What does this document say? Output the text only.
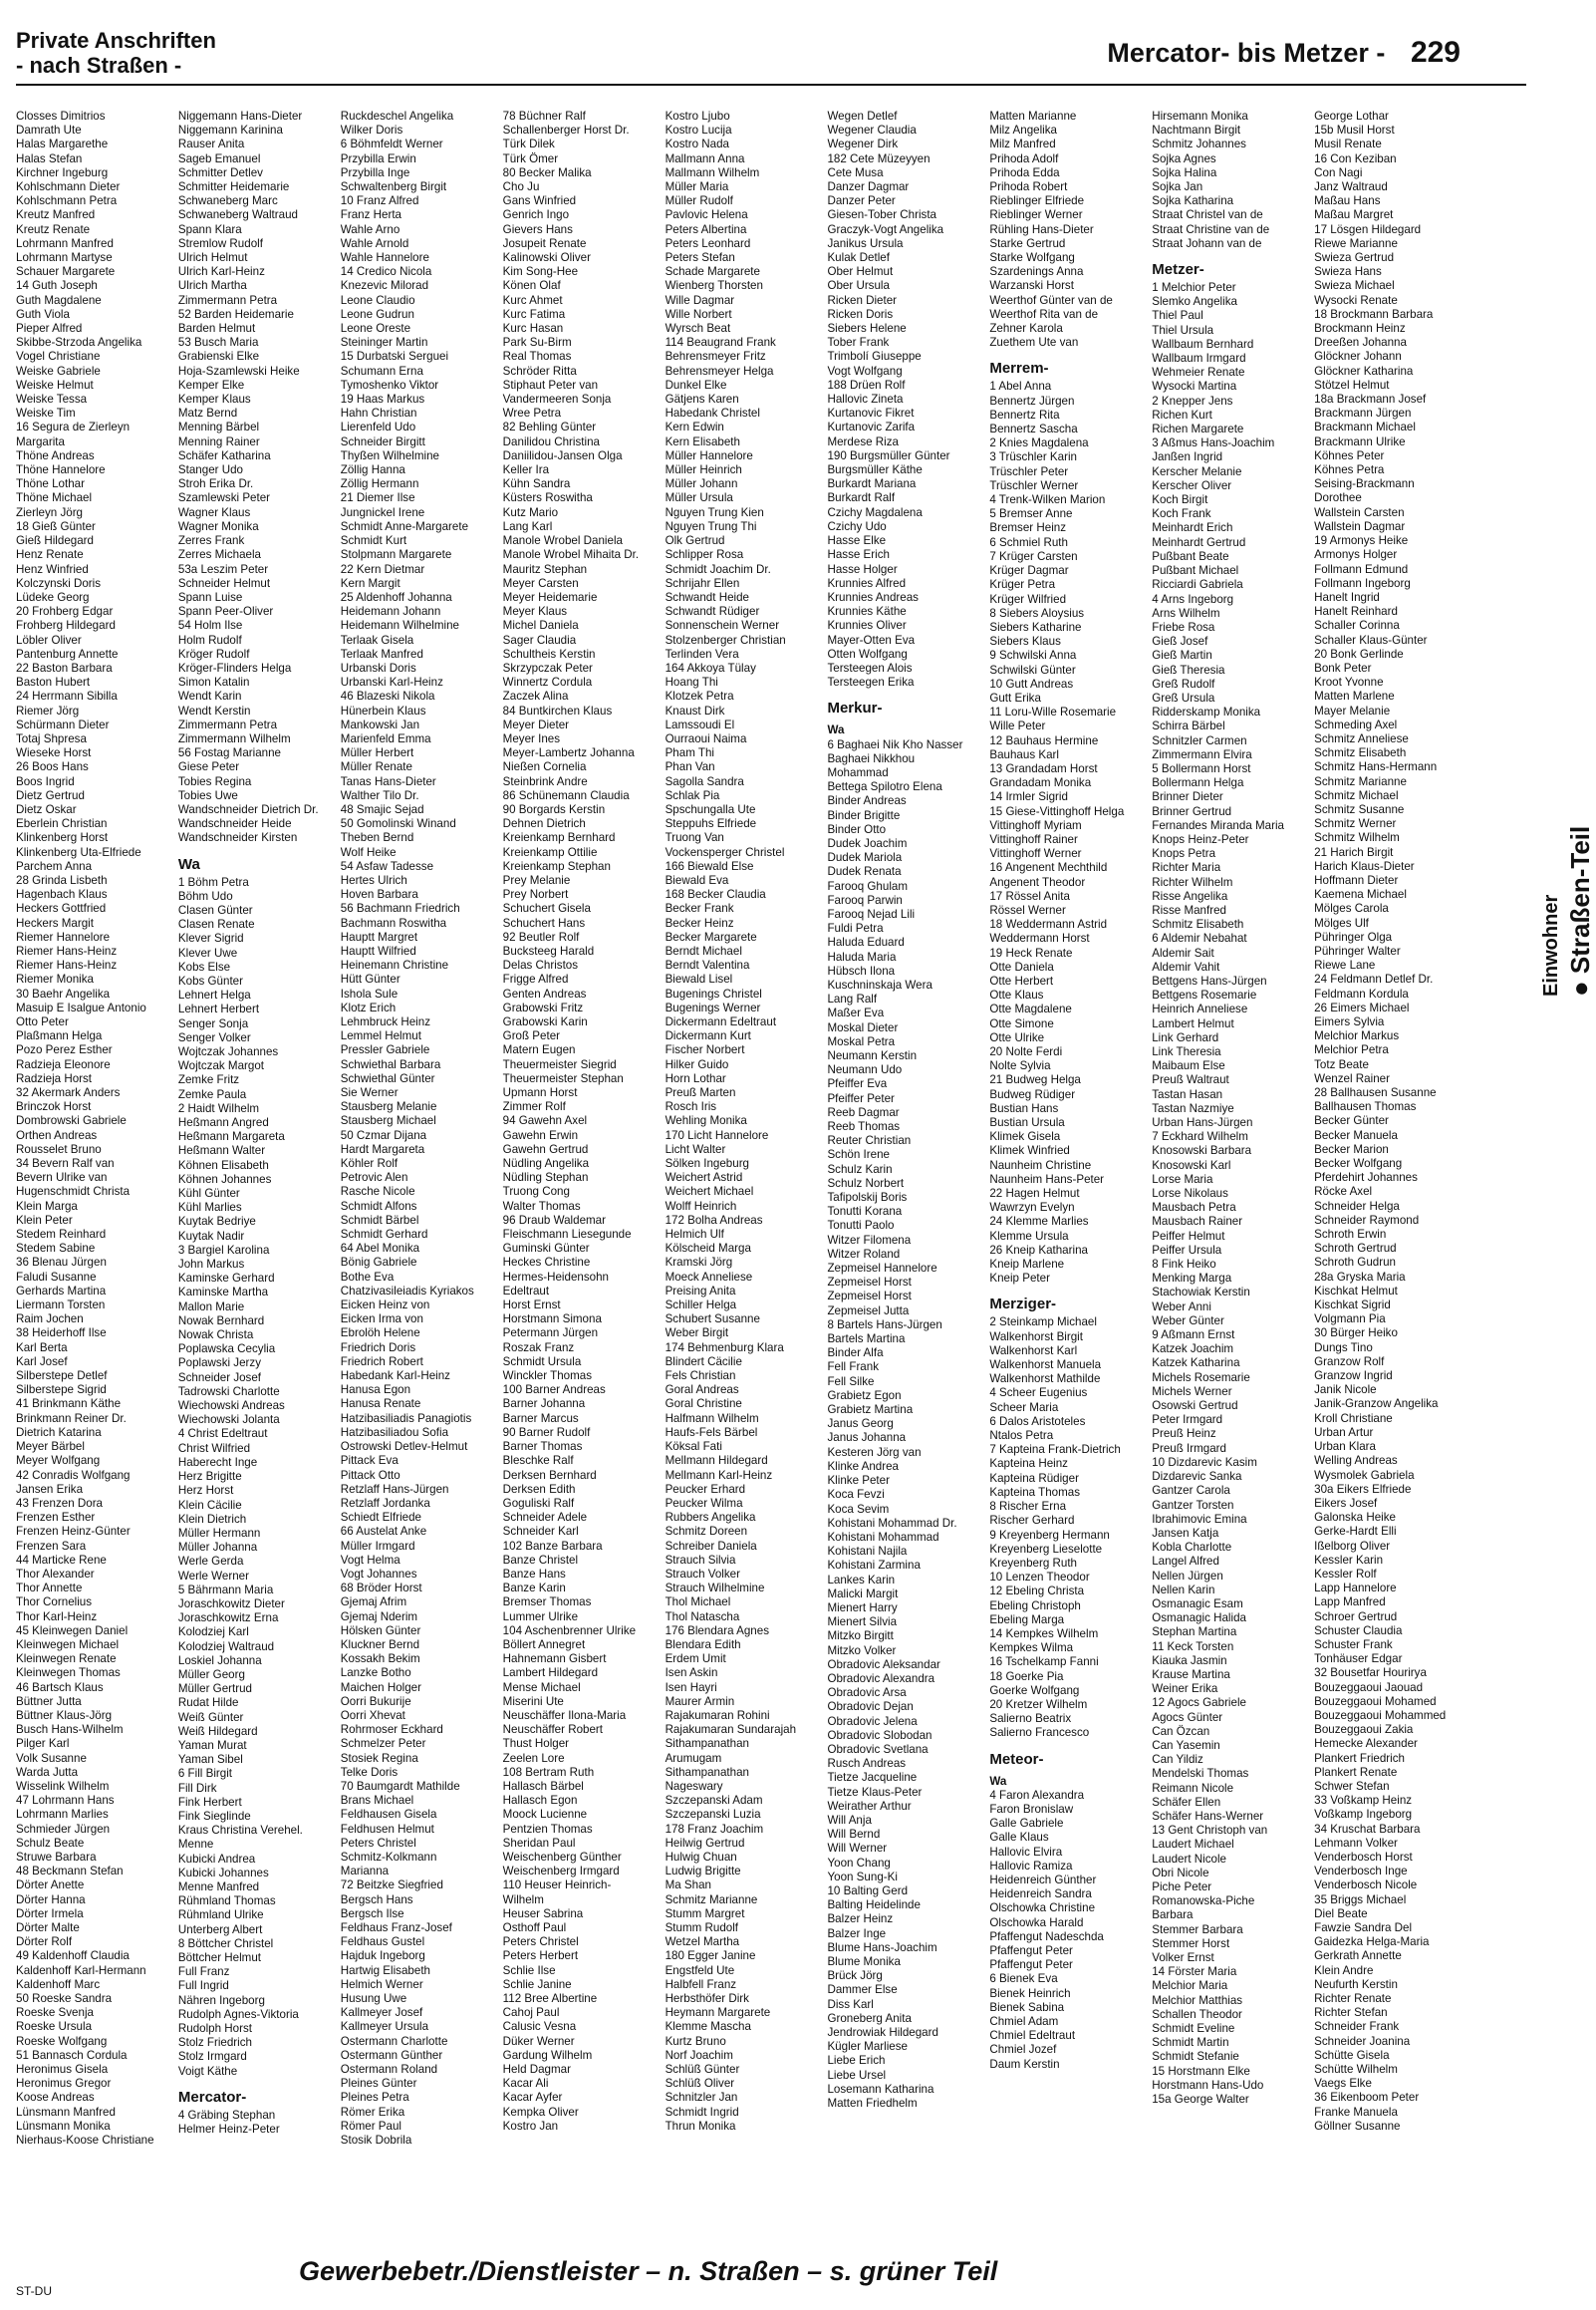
Private Anschriften
- nach Straßen -	Mercator- bis Metzer - 229
Closses Dimitrios
Damrath Ute
Halas Margarethe
Halas Stefan
Kirchner Ingeburg
Kohlschmann Dieter
Kohlschmann Petra
Kreutz Manfred
Kreutz Renate
Lohrmann Manfred
Lohrmann Martyse
Schauer Margarete
14 Guth Joseph
Guth Magdalene
Guth Viola
Pieper Alfred
Skibbe-Strzoda Angelika
Vogel Christiane
Weiske Gabriele
Weiske Helmut
Weiske Tessa
Weiske Tim
16 Segura de Zierleyn
Margarita
Thöne Andreas
Thöne Hannelore
Thöne Lothar
Thöne Michael
Zierleyn Jörg
18 Gieß Günter
Gieß Hildegard
Henz Renate
Henz Winfried
Kolczynski Doris
Lüdeke Georg
20 Frohberg Edgar
Frohberg Hildegard
Löbler Oliver
Pantenburg Annette
22 Baston Barbara
Baston Hubert
24 Herrmann Sibilla
Riemer Jörg
Schürmann Dieter
Totaj Shpresa
Wieseke Horst
26 Boos Hans
Boos Ingrid
Dietz Gertrud
Dietz Oskar
Eberlein Christian
Klinkenberg Horst
Klinkenberg Uta-Elfriede
Parchem Anna
28 Grinda Lisbeth
Hagenbach Klaus
Heckers Gottfried
Heckers Margit
Riemer Hannelore
Riemer Hans-Heinz
Riemer Hans-Heinz
Riemer Monika
30 Baehr Angelika
Masuip E Isalgue Antonio
Otto Peter
Plaßmann Helga
Pozo Perez Esther
Radzieja Eleonore
Radzieja Horst
32 Akermark Anders
Brinczok Horst
Dombrowski Gabriele
Orthen Andreas
Rousselet Bruno
34 Bevern Ralf van
Bevern Ulrike van
Hugenschmidt Christa
Klein Marga
Klein Peter
Stedem Reinhard
Stedem Sabine
36 Blenau Jürgen
Faludi Susanne
Gerhards Martina
Liermann Torsten
Raim Jochen
38 Heiderhoff Ilse
Karl Berta
Karl Josef
Silberstepe Detlef
Silberstepe Sigrid
41 Brinkmann Käthe
Brinkmann Reiner Dr.
Dietrich Katarina
Meyer Bärbel
Meyer Wolfgang
42 Conradis Wolfgang
Jansen Erika
43 Frenzen Dora
Frenzen Esther
Frenzen Heinz-Günter
Frenzen Sara
44 Marticke Rene
Thor Alexander
Thor Annette
Thor Cornelius
Thor Karl-Heinz
45 Kleinwegen Daniel
Kleinwegen Michael
Kleinwegen Renate
Kleinwegen Thomas
46 Bartsch Klaus
Büttner Jutta
Büttner Klaus-Jörg
Busch Hans-Wilhelm
Pilger Karl
Volk Susanne
Warda Jutta
Wisselink Wilhelm
47 Lohrmann Hans
Lohrmann Marlies
Schmieder Jürgen
Schulz Beate
Struwe Barbara
48 Beckmann Stefan
Dörter Anette
Dörter Hanna
Dörter Irmela
Dörter Malte
Dörter Rolf
49 Kaldenhoff Claudia
Kaldenhoff Karl-Hermann
Kaldenhoff Marc
50 Roeske Sandra
Roeske Svenja
Roeske Ursula
Roeske Wolfgang
51 Bannasch Cordula
Heronimus Gisela
Heronimus Gregor
Koose Andreas
Lünsmann Manfred
Lünsmann Monika
Nierhaus-Koose Christiane
Niggemann Hans-Dieter
Niggemann Karinina
Rauser Anita
Sageb Emanuel
Schmitter Detlev
Schmitter Heidemarie
Schwaneberg Marc
Schwaneberg Waltraud
Spann Klara
Stremlow Rudolf
Ulrich Helmut
Ulrich Karl-Heinz
Ulrich Martha
Zimmermann Petra
52 Barden Heidemarie
Barden Helmut
53 Busch Maria
Grabienski Elke
Hoja-Szamlewski Heike
Kemper Elke
Kemper Klaus
Matz Bernd
Menning Bärbel
Menning Rainer
Schäfer Katharina
Stanger Udo
Stroh Erika Dr.
Szamlewski Peter
Wagner Klaus
Wagner Monika
Zerres Frank
Zerres Michaela
53a Leszim Peter
Schneider Helmut
Spann Luise
Spann Peer-Oliver
54 Holm Ilse
Holm Rudolf
Kröger Rudolf
Kröger-Flinders Helga
Simon Katalin
Wendt Karin
Wendt Kerstin
Zimmermann Petra
Zimmermann Wilhelm
56 Fostag Marianne
Giese Peter
Tobies Regina
Tobies Uwe
Wandschneider Dietrich Dr.
Wandschneider Heide
Wandschneider Kirsten
Wa
1 Böhm Petra
Böhm Udo
Clasen Günter
Clasen Renate
Klever Sigrid
Klever Uwe
Kobs Else
Kobs Günter
Lehnert Helga
Lehnert Herbert
Senger Sonja
Senger Volker
Wojtczak Johannes
Wojtczak Margot
Zemke Fritz
Zemke Paula
2 Haidt Wilhelm
Heßmann Angred
Heßmann Margareta
Heßmann Walter
Köhnen Elisabeth
Köhnen Johannes
Kühl Günter
Kühl Marlies
Kuytak Bedriye
Kuytak Nadir
3 Bargiel Karolina
John Markus
Kaminske Gerhard
Kaminske Martha
Mallon Marie
Nowak Bernhard
Nowak Christa
Poplawska Cecylia
Poplawski Jerzy
Schneider Josef
Tadrowski Charlotte
Wiechowski Andreas
Wiechowski Jolanta
4 Christ Edeltraut
Christ Wilfried
Haberecht Inge
Herz Brigitte
Herz Horst
Klein Cäcilie
Klein Dietrich
Müller Hermann
Müller Johanna
Werle Gerda
Werle Werner
5 Bährmann Maria
Joraschkowitz Dieter
Joraschkowitz Erna
Kolodziej Karl
Kolodziej Waltraud
Loskiel Johanna
Müller Georg
Müller Gertrud
Rudat Hilde
Weiß Günter
Weiß Hildegard
Yaman Murat
Yaman Sibel
6 Fill Birgit
Fill Dirk
Fink Herbert
Fink Sieglinde
Kraus Christina Verehel.
Menne
Kubicki Andrea
Kubicki Johannes
Menne Manfred
Rühmland Thomas
Rühmland Ulrike
Unterberg Albert
8 Böttcher Christel
Böttcher Helmut
Full Franz
Full Ingrid
Nähren Ingeborg
Rudolph Agnes-Viktoria
Rudolph Horst
Stolz Friedrich
Stolz Irmgard
Voigt Käthe
Mercator-
4 Gräbing Stephan
Helmer Heinz-Peter
Ruckdeschel Angelika
Wilker Doris
6 Böhmfeldt Werner
Przybilla Erwin
Przybilla Inge
Schwaltenberg Birgit
10 Franz Alfred
Franz Herta
Wahle Arno
Wahle Arnold
Wahle Hannelore
14 Credico Nicola
Knezevic Milorad
Leone Claudio
Leone Gudrun
Leone Oreste
Steininger Martin
15 Durbatski Serguei
Schumann Erna
Tymoshenko Viktor
19 Haas Markus
Hahn Christian
Lierenfeld Udo
Schneider Birgitt
Thyßen Wilhelmine
Zöllig Hanna
Zöllig Hermann
21 Diemer Ilse
Jungnickel Irene
Schmidt Anne-Margarete
Schmidt Kurt
Stolpmann Margarete
22 Kern Dietmar
Kern Margit
25 Aldenhoff Johanna
Heidemann Johann
Heidemann Wilhelmine
Terlaak Gisela
Terlaak Manfred
Urbanski Doris
Urbanski Karl-Heinz
46 Blazeski Nikola
Hünerbein Klaus
Mankowski Jan
Marienfeld Emma
Müller Herbert
Müller Renate
Tanas Hans-Dieter
Walther Tilo Dr.
48 Smajic Sejad
50 Gomolinski Winand
Theben Bernd
Wolf Heike
54 Asfaw Tadesse
Hertes Ulrich
Hoven Barbara
56 Bachmann Friedrich
Bachmann Roswitha
Hauptt Margret
Hauptt Wilfried
Heinemann Christine
Hütt Günter
Ishola Sule
Klotz Erich
Lehmbruck Heinz
Lemmel Helmut
Pressler Gabriele
Schwiethal Barbara
Schwiethal Günter
Sie Werner
Stausberg Melanie
Stausberg Michael
50 Czmar Dijana
Hardt Margareta
Köhler Rolf
Petrovic Alen
Rasche Nicole
Schmidt Alfons
Schmidt Bärbel
Schmidt Gerhard
64 Abel Monika
Bönig Gabriele
Bothe Eva
Chatzivasileiadis Kyriakos
Eicken Heinz von
Eicken Irma von
Ebrolöh Helene
Friedrich Doris
Friedrich Robert
Habedank Karl-Heinz
Hanusa Egon
Hanusa Renate
Hatzibasiliadis Panagiotis
Hatzibasiliadou Sofia
Ostrowski Detlev-Helmut
Pittack Eva
Pittack Otto
Retzlaff Hans-Jürgen
Retzlaff Jordanka
Schiedt Elfriede
66 Austelat Anke
Müller Irmgard
Vogt Helma
Vogt Johannes
68 Bröder Horst
Gjemaj Afrim
Gjemaj Nderim
Hölsken Günter
Kluckner Bernd
Kossakh Bekim
Lanzke Botho
Maichen Holger
Oorri Bukurije
Oorri Xhevat
Rohrmoser Eckhard
Schmelzer Peter
Stosiek Regina
Telke Doris
70 Baumgardt Mathilde
Brans Michael
Feldhausen Gisela
Feldhusen Helmut
Peters Christel
Schmitz-Kolkmann
Marianna
72 Beitzke Siegfried
Bergsch Hans
Bergsch Ilse
Feldhaus Franz-Josef
Feldhaus Gustel
Hajduk Ingeborg
Hartwig Elisabeth
Helmich Werner
Husung Uwe
Kallmeyer Josef
Kallmeyer Ursula
Ostermann Charlotte
Ostermann Günther
Ostermann Roland
Pleines Günter
Pleines Petra
Römer Erika
Römer Paul
Stosik Dobrila
78 Büchner Ralf
Schallenberger Horst Dr.
Türk Dilek
Türk Ömer
80 Becker Malika
Cho Ju
Gans Winfried
Genrich Ingo
Gievers Hans
Josupeit Renate
Kalinowski Oliver
Kim Song-Hee
Könen Olaf
Kurc Ahmet
Kurc Fatima
Kurc Hasan
Park Su-Birm
Real Thomas
Schröder Ritta
Stiphaut Peter van
Vandermeeren Sonja
Wree Petra
82 Behling Günter
Danilidou Christina
Daniilidou-Jansen Olga
Keller Ira
Kühn Sandra
Küsters Roswitha
Kutz Mario
Lang Karl
Manole Wrobel Daniela
Manole Wrobel Mihaita Dr.
Mauritz Stephan
Meyer Carsten
Meyer Heidemarie
Meyer Klaus
Michel Daniela
Sager Claudia
Schultheis Kerstin
Skrzypczak Peter
Winnertz Cordula
Zaczek Alina
84 Buntkirchen Klaus
Meyer Dieter
Meyer Ines
Meyer-Lambertz Johanna
Nießen Cornelia
Steinbrink Andre
86 Schünemann Claudia
90 Borgards Kerstin
Dehnen Dietrich
Kreienkamp Bernhard
Kreienkamp Ottilie
Kreienkamp Stephan
Prey Melanie
Prey Norbert
Schuchert Gisela
Schuchert Hans
92 Beutler Rolf
Bucksteeg Harald
Delas Christos
Frigge Alfred
Genten Andreas
Grabowski Fritz
Grabowski Karin
Groß Peter
Matern Eugen
Theuermeister Siegrid
Theuermeister Stephan
Upmann Horst
Zimmer Rolf
94 Gawehn Axel
Gawehn Erwin
Gawehn Gertrud
Nüdling Angelika
Nüdling Stephan
Truong Cong
Walter Thomas
96 Draub Waldemar
Fleischmann Liesegunde
Guminski Günter
Heckes Christine
Hermes-Heidensohn
Edeltraut
Horst Ernst
Horstmann Simona
Petermann Jürgen
Roszak Franz
Schmidt Ursula
Winckler Thomas
100 Barner Andreas
Barner Johanna
Barner Marcus
90 Barner Rudolf
Barner Thomas
Bleschke Ralf
Derksen Bernhard
Derksen Edith
Goguliski Ralf
Schneider Adele
Schneider Karl
102 Banze Barbara
Banze Christel
Banze Hans
Banze Karin
Bremser Thomas
Lummer Ulrike
104 Aschenbrenner Ulrike
Böllert Annegret
Hahnemann Gisbert
Lambert Hildegard
Mense Michael
Miserini Ute
Neuschäffer Ilona-Maria
Neuschäffer Robert
Thust Holger
Zeelen Lore
108 Bertram Ruth
Hallasch Bärbel
Hallasch Egon
Moock Lucienne
Pentzien Thomas
Sheridan Paul
Weischenberg Günther
Weischenberg Irmgard
110 Heuser Heinrich-
Wilhelm
Heuser Sabrina
Osthoff Paul
Peters Christel
Peters Herbert
Schlie Ilse
Schlie Janine
112 Bree Albertine
Cahoj Paul
Calusic Vesna
Düker Werner
Gardung Wilhelm
Held Dagmar
Kacar Ali
Kacar Ayfer
Kempka Oliver
Kostro Jan
Kostro Ljubo
Kostro Lucija
Kostro Nada
Mallmann Anna
Mallmann Wilhelm
Müller Maria
Müller Rudolf
Pavlovic Helena
Peters Albertina
Peters Leonhard
Peters Stefan
Schade Margarete
Wienberg Thorsten
Wille Dagmar
Wille Norbert
Wyrsch Beat
114 Beaugrand Frank
Behrensmeyer Fritz
Behrensmeyer Helga
Dunkel Elke
Gätjens Karen
Habedank Christel
Kern Edwin
Kern Elisabeth
Müller Hannelore
Müller Heinrich
Müller Johann
Müller Ursula
Nguyen Trung Kien
Nguyen Trung Thi
Olk Gertrud
Schlipper Rosa
Schmidt Joachim Dr.
Schrijahr Ellen
Schwandt Heide
Schwandt Rüdiger
Sonnenschein Werner
Stolzenberger Christian
Terlinden Vera
164 Akkoya Tülay
Hoang Thi
Klotzek Petra
Knaust Dirk
Lamssoudi El
Ourraoui Naima
Pham Thi
Phan Van
Sagolla Sandra
Schlak Pia
Spschungalla Ute
Steppuhs Elfriede
Truong Van
Vockensperger Christel
166 Biewald Else
Biewald Eva
168 Becker Claudia
Becker Frank
Becker Heinz
Becker Margarete
Berndt Michael
Berndt Valentina
Biewald Lisel
Bugenings Christel
Bugenings Werner
Dickermann Edeltraut
Dickermann Kurt
Fischer Norbert
Hilker Guido
Horn Lothar
Preuß Marten
Rosch Iris
Wehling Monika
170 Licht Hannelore
Licht Walter
Sölken Ingeburg
Weichert Astrid
Weichert Michael
Wolff Heinrich
172 Bolha Andreas
Helmich Ulf
Kölscheid Marga
Kramski Jörg
Moeck Anneliese
Preising Anita
Schiller Helga
Schubert Susanne
Weber Birgit
174 Behmenburg Klara
Blindert Cäcilie
Fels Christian
Goral Andreas
Goral Christine
Halfmann Wilhelm
Haufs-Fels Bärbel
Köksal Fati
Mellmann Hildegard
Mellmann Karl-Heinz
Peucker Erhard
Peucker Wilma
Rubbers Angelika
Schmitz Doreen
Schreiber Daniela
Strauch Silvia
Strauch Volker
Strauch Wilhelmine
Thol Michael
Thol Natascha
176 Blendara Agnes
Blendara Edith
Erdem Umit
Isen Askin
Isen Hayri
Maurer Armin
Rajakumaran Rohini
Rajakumaran Sundarajah
Sithampanathan
Arumugam
Sithampanathan
Nageswary
Szczepanski Adam
Szczepanski Luzia
178 Franz Joachim
Heilwig Gertrud
Hulwig Chuan
Ludwig Brigitte
Ma Shan
Schmitz Marianne
Stumm Margret
Stumm Rudolf
Wetzel Martha
180 Egger Janine
Engstfeld Ute
Halbfell Franz
Herbsthöfer Dirk
Heymann Margarete
Klemme Mascha
Kurtz Bruno
Norf Joachim
Schlüß Günter
Schlüß Oliver
Schnitzler Jan
Schmidt Ingrid
Thrun Monika
Wegen Detlef
Wegener Claudia
Wegener Dirk
182 Cete Müzeyyen
Cete Musa
Danzer Dagmar
Danzer Peter
Giesen-Tober Christa
Graczyk-Vogt Angelika
Janikus Ursula
Kulak Detlef
Ober Helmut
Ober Ursula
Ricken Dieter
Ricken Doris
Siebers Helene
Tober Frank
Trimbolí Giuseppe
Vogt Wolfgang
188 Drüen Rolf
Hallovic Zineta
Kurtanovic Fikret
Kurtanovic Zarifa
Merdese Riza
190 Burgsmüller Günter
Burgsmüller Käthe
Burkardt Mariana
Burkardt Ralf
Czichy Magdalena
Czichy Udo
Hasse Elke
Hasse Erich
Hasse Holger
Krunnies Alfred
Krunnies Andreas
Krunnies Käthe
Krunnies Oliver
Mayer-Otten Eva
Otten Wolfgang
Tersteegen Alois
Tersteegen Erika
Merkur-
Wa
6 Baghaei Nik Kho Nasser
Baghaei Nikkhou
Mohammad
Bettega Spilotro Elena
Binder Andreas
Binder Brigitte
Binder Otto
Dudek Joachim
Dudek Mariola
Dudek Renata
Farooq Ghulam
Farooq Parwin
Farooq Nejad Lili
Fuldi Petra
Haluda Eduard
Haluda Maria
Hübsch Ilona
Kuschninskaja Wera
Lang Ralf
Maßer Eva
Moskal Dieter
Moskal Petra
Neumann Kerstin
Neumann Udo
Pfeiffer Eva
Pfeiffer Peter
Reeb Dagmar
Reeb Thomas
Reuter Christian
Schön Irene
Schulz Karin
Schulz Norbert
Tafipolskij Boris
Tonutti Korana
Tonutti Paolo
Witzer Filomena
Witzer Roland
Zepmeisel Hannelore
Zepmeisel Horst
Zepmeisel Horst
Zepmeisel Jutta
8 Bartels Hans-Jürgen
Bartels Martina
Binder Alfa
Fell Frank
Fell Silke
Grabietz Egon
Grabietz Martina
Janus Georg
Janus Johanna
Kesteren Jörg van
Klinke Andrea
Klinke Peter
Koca Fevzi
Koca Sevim
Kohistani Mohammad Dr.
Kohistani Mohammad
Kohistani Najila
Kohistani Zarmina
Lankes Karin
Malicki Margit
Mienert Harry
Mienert Silvia
Mitzko Birgitt
Mitzko Volker
Obradovic Aleksandar
Obradovic Alexandra
Obradovic Arsa
Obradovic Dejan
Obradovic Jelena
Obradovic Slobodan
Obradovic Svetlana
Rusch Andreas
Tietze Jacqueline
Tietze Klaus-Peter
Weirather Arthur
Will Anja
Will Bernd
Will Werner
Yoon Chang
Yoon Sung-Ki
10 Balting Gerd
Balting Heidelinde
Balzer Heinz
Balzer Inge
Blume Hans-Joachim
Blume Monika
Brück Jörg
Dammer Else
Diss Karl
Groneberg Anita
Jendrowiak Hildegard
Kügler Marliese
Liebe Erich
Liebe Ursel
Losemann Katharina
Matten Friedhelm
Matten Marianne
Milz Angelika
Milz Manfred
Prihoda Adolf
Prihoda Edda
Prihoda Robert
Rieblinger Elfriede
Rieblinger Werner
Rühling Hans-Dieter
Starke Gertrud
Starke Wolfgang
Szardenings Anna
Warzanski Horst
Weerthof Günter van de
Weerthof Rita van de
Zehner Karola
Zuethem Ute van
Merrem-
1 Abel Anna
Bennertz Jürgen
Bennertz Rita
Bennertz Sascha
2 Knies Magdalena
3 Trüschler Karin
Trüschler Peter
Trüschler Werner
4 Trenk-Wilken Marion
5 Bremser Anne
Bremser Heinz
6 Schmiel Ruth
7 Krüger Carsten
Krüger Dagmar
Krüger Petra
Krüger Wilfried
8 Siebers Aloysius
Siebers Katharine
Siebers Klaus
9 Schwilski Anna
Schwilski Günter
10 Gutt Andreas
Gutt Erika
11 Loru-Wille Rosemarie
Wille Peter
12 Bauhaus Hermine
Bauhaus Karl
13 Grandadam Horst
Grandadam Monika
14 Irmler Sigrid
15 Giese-Vittinghoff Helga
Vittinghoff Myriam
Vittinghoff Rainer
Vittinghoff Werner
16 Angenent Mechthild
Angenent Theodor
17 Rössel Anita
Rössel Werner
18 Weddermann Astrid
Weddermann Horst
19 Heck Renate
Otte Daniela
Otte Herbert
Otte Klaus
Otte Magdalene
Otte Simone
Otte Ulrike
20 Nolte Ferdi
Nolte Sylvia
21 Budweg Helga
Budweg Rüdiger
Bustian Hans
Bustian Ursula
Klimek Gisela
Klimek Winfried
Naunheim Christine
Naunheim Hans-Peter
22 Hagen Helmut
Wawrzyn Evelyn
24 Klemme Marlies
Klemme Ursula
26 Kneip Katharina
Kneip Marlene
Kneip Peter
Merziger-
2 Steinkamp Michael
Walkenhorst Birgit
Walkenhorst Karl
Walkenhorst Manuela
Walkenhorst Mathilde
4 Scheer Eugenius
Scheer Maria
6 Dalos Aristoteles
Ntalos Petra
7 Kapteina Frank-Dietrich
Kapteina Heinz
Kapteina Rüdiger
Kapteina Thomas
8 Rischer Erna
Rischer Gerhard
9 Kreyenberg Hermann
Kreyenberg Lieselotte
Kreyenberg Ruth
10 Lenzen Theodor
12 Ebeling Christa
Ebeling Christoph
Ebeling Marga
14 Kempkes Wilhelm
Kempkes Wilma
16 Tschelkamp Fanni
18 Goerke Pia
Goerke Wolfgang
20 Kretzer Wilhelm
Salierno Beatrix
Salierno Francesco
Meteor-
Wa
4 Faron Alexandra
Faron Bronislaw
Galle Gabriele
Galle Klaus
Hallovic Elvira
Hallovic Ramiza
Heidenreich Günther
Heidenreich Sandra
Olschowka Christine
Olschowka Harald
Pfaffengut Nadeschda
Pfaffengut Peter
Pfaffengut Peter
6 Bienek Eva
Bienek Heinrich
Bienek Sabina
Chmiel Adam
Chmiel Edeltraut
Chmiel Jozef
Daum Kerstin
Hirsemann Monika
Nachtmann Birgit
Schmitz Johannes
Sojka Agnes
Sojka Halina
Sojka Jan
Sojka Katharina
Straat Christel van de
Straat Christine van de
Straat Johann van de
Metzer-
1 Melchior Peter
Slemko Angelika
Thiel Paul
Thiel Ursula
Wallbaum Bernhard
Wallbaum Irmgard
Wehmeier Renate
Wysocki Martina
2 Knepper Jens
Richen Kurt
Richen Margarete
3 Aßmus Hans-Joachim
Janßen Ingrid
Kerscher Melanie
Kerscher Oliver
Koch Birgit
Koch Frank
Meinhardt Erich
Meinhardt Gertrud
Pußbant Beate
Pußbant Michael
Ricciardi Gabriela
4 Arns Ingeborg
Arns Wilhelm
Friebe Rosa
Gieß Josef
Gieß Martin
Gieß Theresia
Greß Rudolf
Greß Ursula
Ridderskamp Monika
Schirra Bärbel
Schnitzler Carmen
Zimmermann Elvira
5 Bollermann Horst
Bollermann Helga
Brinner Dieter
Brinner Gertrud
Fernandes Miranda Maria
Knops Heinz-Peter
Knops Petra
Richter Maria
Richter Wilhelm
Risse Angelika
Risse Manfred
Schmitz Elisabeth
6 Aldemir Nebahat
Aldemir Sait
Aldemir Vahit
Bettgens Hans-Jürgen
Bettgens Rosemarie
Heinrich Anneliese
Lambert Helmut
Link Gerhard
Link Theresia
Maibaum Else
Preuß Waltraut
Tastan Hasan
Tastan Nazmiye
Urban Hans-Jürgen
7 Eckhard Wilhelm
Knosowski Barbara
Knosowski Karl
Lorse Maria
Lorse Nikolaus
Mausbach Petra
Mausbach Rainer
Peiffer Helmut
Peiffer Ursula
8 Fink Heiko
Menking Marga
Stachowiak Kerstin
Weber Anni
Weber Günter
9 Aßmann Ernst
Katzek Joachim
Katzek Katharina
Michels Rosemarie
Michels Werner
Osowski Gertrud
Peter Irmgard
Preuß Heinz
Preuß Irmgard
10 Dizdarevic Kasim
Dizdarevic Sanka
Gantzer Carola
Gantzer Torsten
Ibrahimovic Emina
Jansen Katja
Kobla Charlotte
Langel Alfred
Nellen Jürgen
Nellen Karin
Osmanagic Esam
Osmanagic Halida
Stephan Martina
11 Keck Torsten
Kiauka Jasmin
Krause Martina
Weiner Erika
12 Agocs Gabriele
Agocs Günter
Can Özcan
Can Yasemin
Can Yildiz
Mendelski Thomas
Reimann Nicole
Schäfer Ellen
Schäfer Hans-Werner
13 Gent Christoph van
Laudert Michael
Laudert Nicole
Obri Nicole
Piche Peter
Romanowska-Piche
Barbara
Stemmer Barbara
Stemmer Horst
Volker Ernst
14 Förster Maria
Melchior Maria
Melchior Matthias
Schallen Theodor
Schmidt Eveline
Schmidt Martin
Schmidt Stefanie
15 Horstmann Elke
Horstmann Hans-Udo
15a George Walter
George Lothar
15b Musil Horst
Musil Renate
16 Con Keziban
Con Nagi
Janz Waltraud
Maßau Hans
Maßau Margret
17 Lösgen Hildegard
Riewe Marianne
Swieza Gertrud
Swieza Hans
Swieza Michael
Wysocki Renate
18 Brockmann Barbara
Brockmann Heinz
Dreeßen Johanna
Glöckner Johann
Glöckner Katharina
Stötzel Helmut
18a Brackmann Josef
Brackmann Jürgen
Brackmann Michael
Brackmann Ulrike
Köhnes Peter
Köhnes Petra
Seising-Brackmann
Dorothee
Wallstein Carsten
Wallstein Dagmar
19 Armonys Heike
Armonys Holger
Follmann Edmund
Follmann Ingeborg
Hanelt Ingrid
Hanelt Reinhard
Schaller Corinna
Schaller Klaus-Günter
20 Bonk Gerlinde
Bonk Peter
Kroot Yvonne
Matten Marlene
Mayer Melanie
Schmeding Axel
Schmitz Anneliese
Schmitz Elisabeth
Schmitz Hans-Hermann
Schmitz Marianne
Schmitz Michael
Schmitz Susanne
Schmitz Werner
Schmitz Wilhelm
21 Harich Birgit
Harich Klaus-Dieter
Hoffmann Dieter
Kaemena Michael
Mölges Carola
Mölges Ulf
Pühringer Olga
Pühringer Walter
Riewe Lane
24 Feldmann Detlef Dr.
Feldmann Kordula
26 Eimers Michael
Eimers Sylvia
Melchior Markus
Melchior Petra
Totz Beate
Wenzel Rainer
28 Ballhausen Susanne
Ballhausen Thomas
Becker Günter
Becker Manuela
Becker Marion
Becker Wolfgang
Pferdehirt Johannes
Röcke Axel
Schneider Helga
Schneider Raymond
Schroth Erwin
Schroth Gertrud
Schroth Gudrun
28a Gryska Maria
Kischkat Helmut
Kischkat Sigrid
Volgmann Pia
30 Bürger Heiko
Dungs Tino
Granzow Rolf
Granzow Ingrid
Janik Nicole
Janik-Granzow Angelika
Kroll Christiane
Urban Artur
Urban Klara
Welling Andreas
Wysmolek Gabriela
30a Eikers Elfriede
Eikers Josef
Galonska Heike
Gerke-Hardt Elli
Ißelborg Oliver
Kessler Karin
Kessler Rolf
Lapp Hannelore
Lapp Manfred
Schroer Gertrud
Schuster Claudia
Schuster Frank
Tonhäuser Edgar
32 Bousetfar Hourirya
Bouzeggaoui Jaouad
Bouzeggaoui Mohamed
Bouzeggaoui Mohammed
Bouzeggaoui Zakia
Hemecke Alexander
Plankert Friedrich
Plankert Renate
Schwer Stefan
33 Voßkamp Heinz
Voßkamp Ingeborg
34 Kruschat Barbara
Lehmann Volker
Venderbosch Horst
Venderbosch Inge
Venderbosch Nicole
35 Briggs Michael
Diel Beate
Fawzie Sandra Del
Gaidezka Helga-Maria
Gerkrath Annette
Klein Andre
Neufurth Kerstin
Richter Renate
Richter Stefan
Schneider Frank
Schneider Joanina
Schütte Gisela
Schütte Wilhelm
Vaegs Elke
36 Eikenboom Peter
Franke Manuela
Göllner Susanne
Einwohner ● Straßen-Teil
ST-DU
Gewerbebetr./Dienstleister – n. Straßen – s. grüner Teil
